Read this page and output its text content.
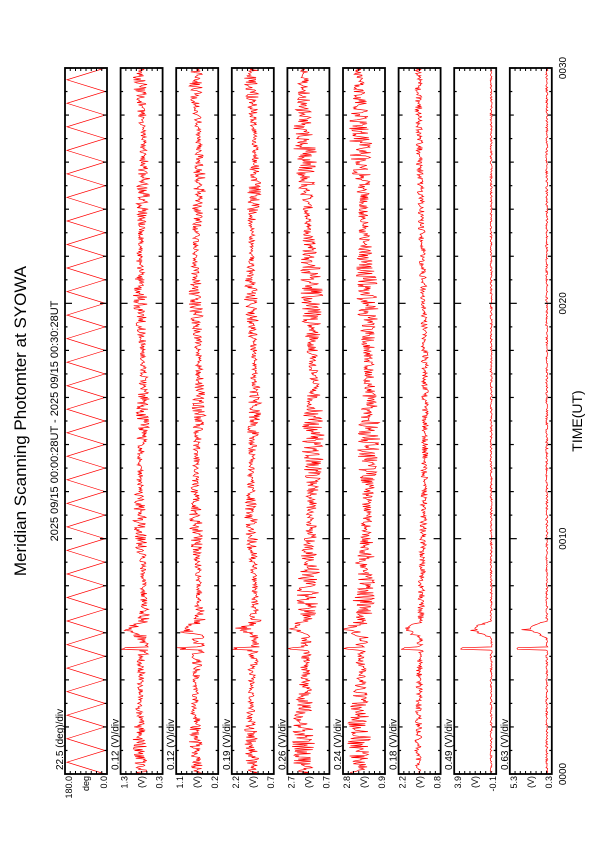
Meridian Scanning Photomter at SYOWA 2025 09/15 00:00:28UT - 2025 09/15 00:30:28UT
180.0	0.0
deg
22.5 (deg)/div
1.3	0.3
(V)
0.12 (V)/div
1.1	0.2
(V)
0.12 (V)/div
2.2	0.7
(V)
0.19 (V)/div
2.7	0.7
(V)
0.26 (V)/div
2.8	0.9
(V)
0.24 (V)/div
2.2	0.8
(V)
0.18 (V)/div
3.9	-0.1
(V)
0.49 (V)/div
5.3	0.3
(V)
0.63 (V)/div
0000
0010
0020
0030
TIME(UT)
